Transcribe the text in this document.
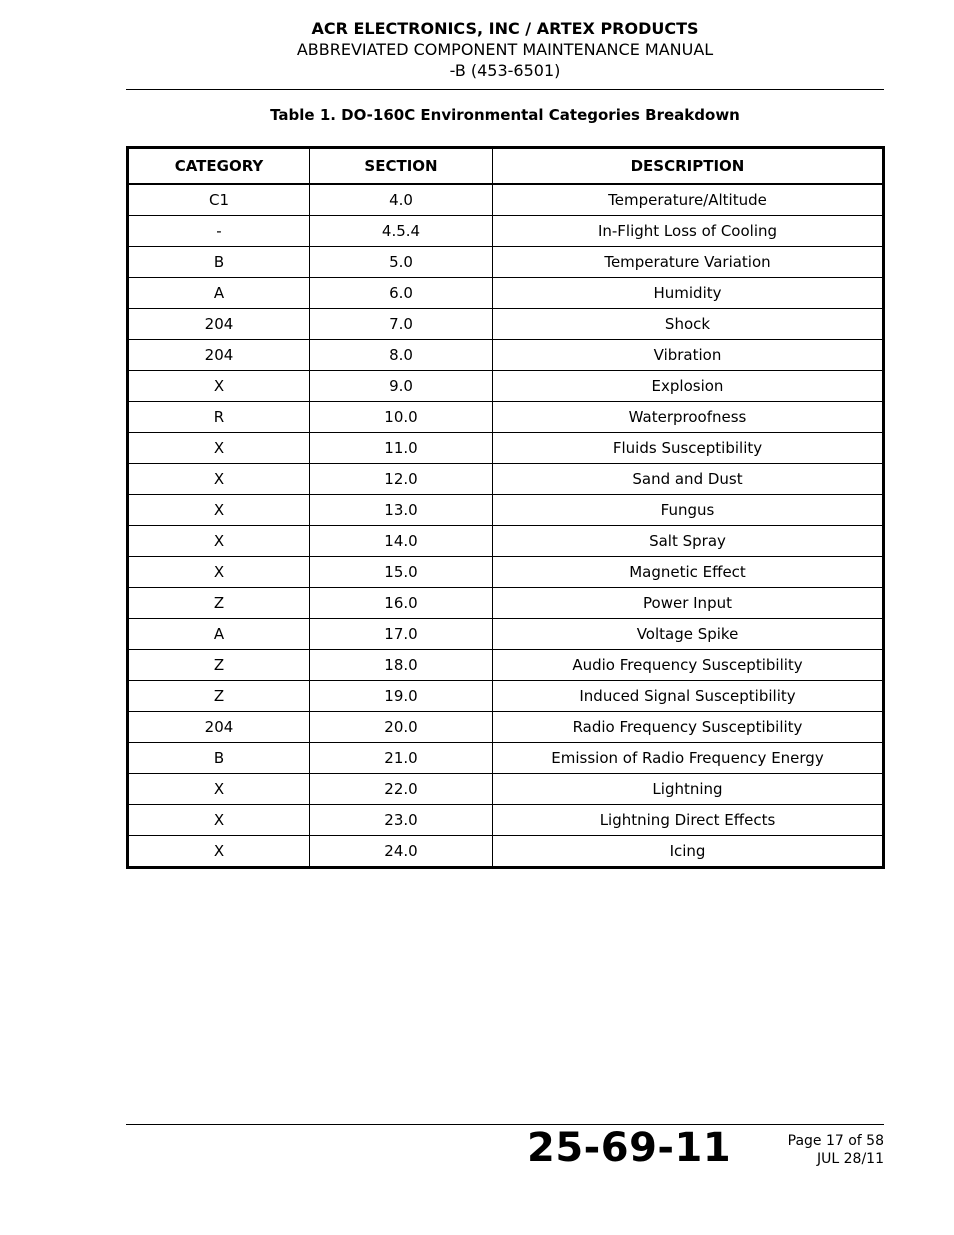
ACR ELECTRONICS, INC / ARTEX PRODUCTS
ABBREVIATED COMPONENT MAINTENANCE MANUAL
-B (453-6501)
Table 1. DO-160C Environmental Categories Breakdown
CATEGORY	SECTION	DESCRIPTION
C1	4.0	Temperature/Altitude
-	4.5.4	In-Flight Loss of Cooling
B	5.0	Temperature Variation
A	6.0	Humidity
204	7.0	Shock
204	8.0	Vibration
X	9.0	Explosion
R	10.0	Waterproofness
X	11.0	Fluids Susceptibility
X	12.0	Sand and Dust
X	13.0	Fungus
X	14.0	Salt Spray
X	15.0	Magnetic Effect
Z	16.0	Power Input
A	17.0	Voltage Spike
Z	18.0	Audio Frequency Susceptibility
Z	19.0	Induced Signal Susceptibility
204	20.0	Radio Frequency Susceptibility
B	21.0	Emission of Radio Frequency Energy
X	22.0	Lightning
X	23.0	Lightning Direct Effects
X	24.0	Icing
25-69-11	Page 17 of 58
JUL 28/11
